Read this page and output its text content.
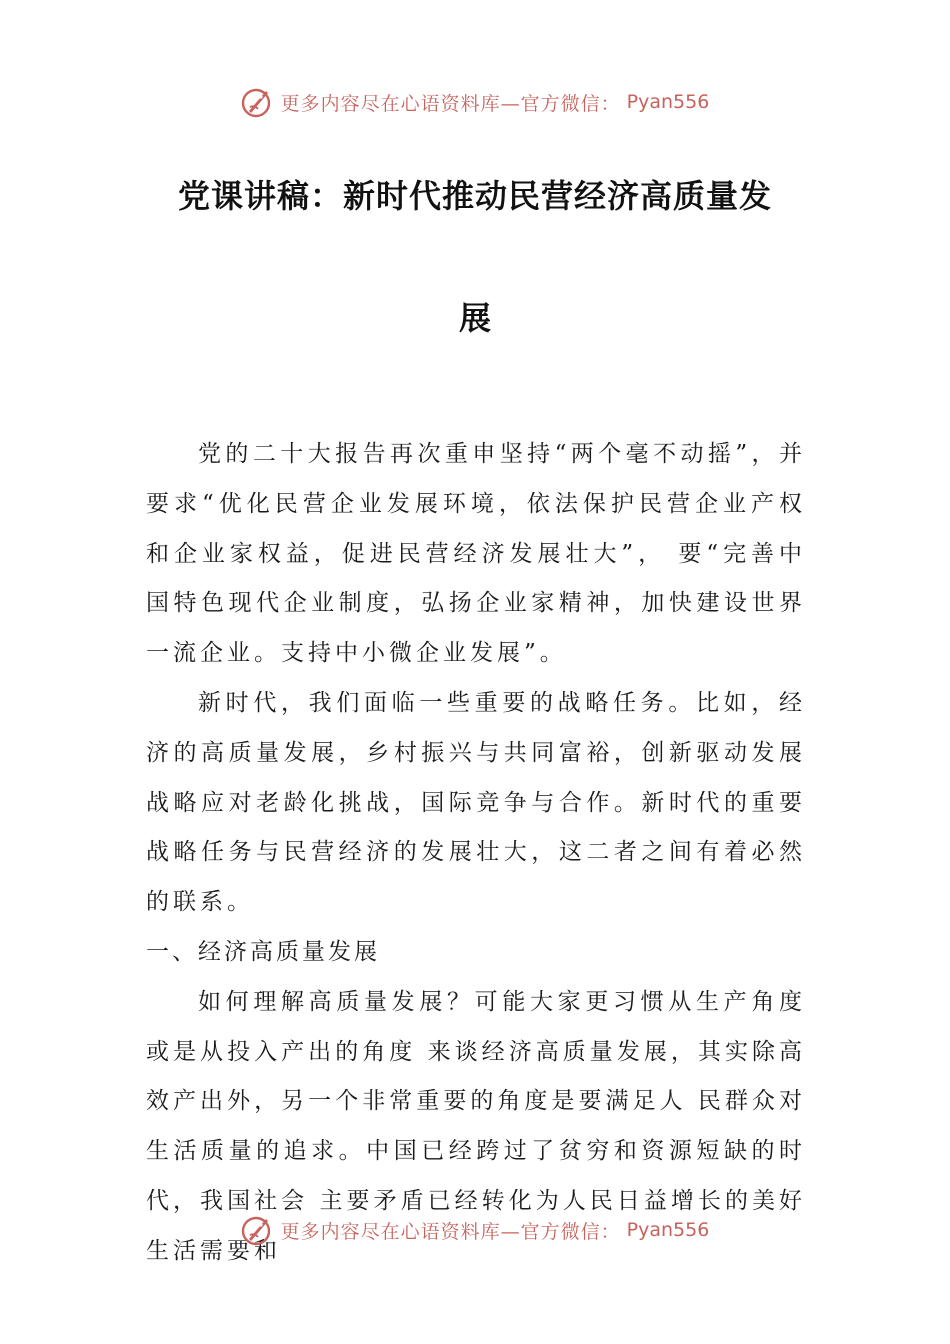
更多内容尽在心语资料库—官方微信： Pyan556
党课讲稿：新时代推动民营经济高质量发
展

党的二十大报告再次重申坚持“两个毫不动摇”，并要求“优化民营企业发展环境，依法保护民营企业产权和企业家权益，促进民营经济发展壮大”， 要“完善中国特色现代企业制度，弘扬企业家精神，加快建设世界一流企业。支持中小微企业发展”。

新时代，我们面临一些重要的战略任务。比如，经济的高质量发展，乡村振兴与共同富裕，创新驱动发展战略应对老龄化挑战，国际竞争与合作。新时代的重要战略任务与民营经济的发展壮大，这二者之间有着必然的联系。

一、经济高质量发展

如何理解高质量发展？可能大家更习惯从生产角度或是从投入产出的角度 来谈经济高质量发展，其实除高效产出外，另一个非常重要的角度是要满足人 民群众对生活质量的追求。中国已经跨过了贫穷和资源短缺的时代，我国社会 主要矛盾已经转化为人民日益增长的美好生活需要和

更多内容尽在心语资料库—官方微信： Pyan556
